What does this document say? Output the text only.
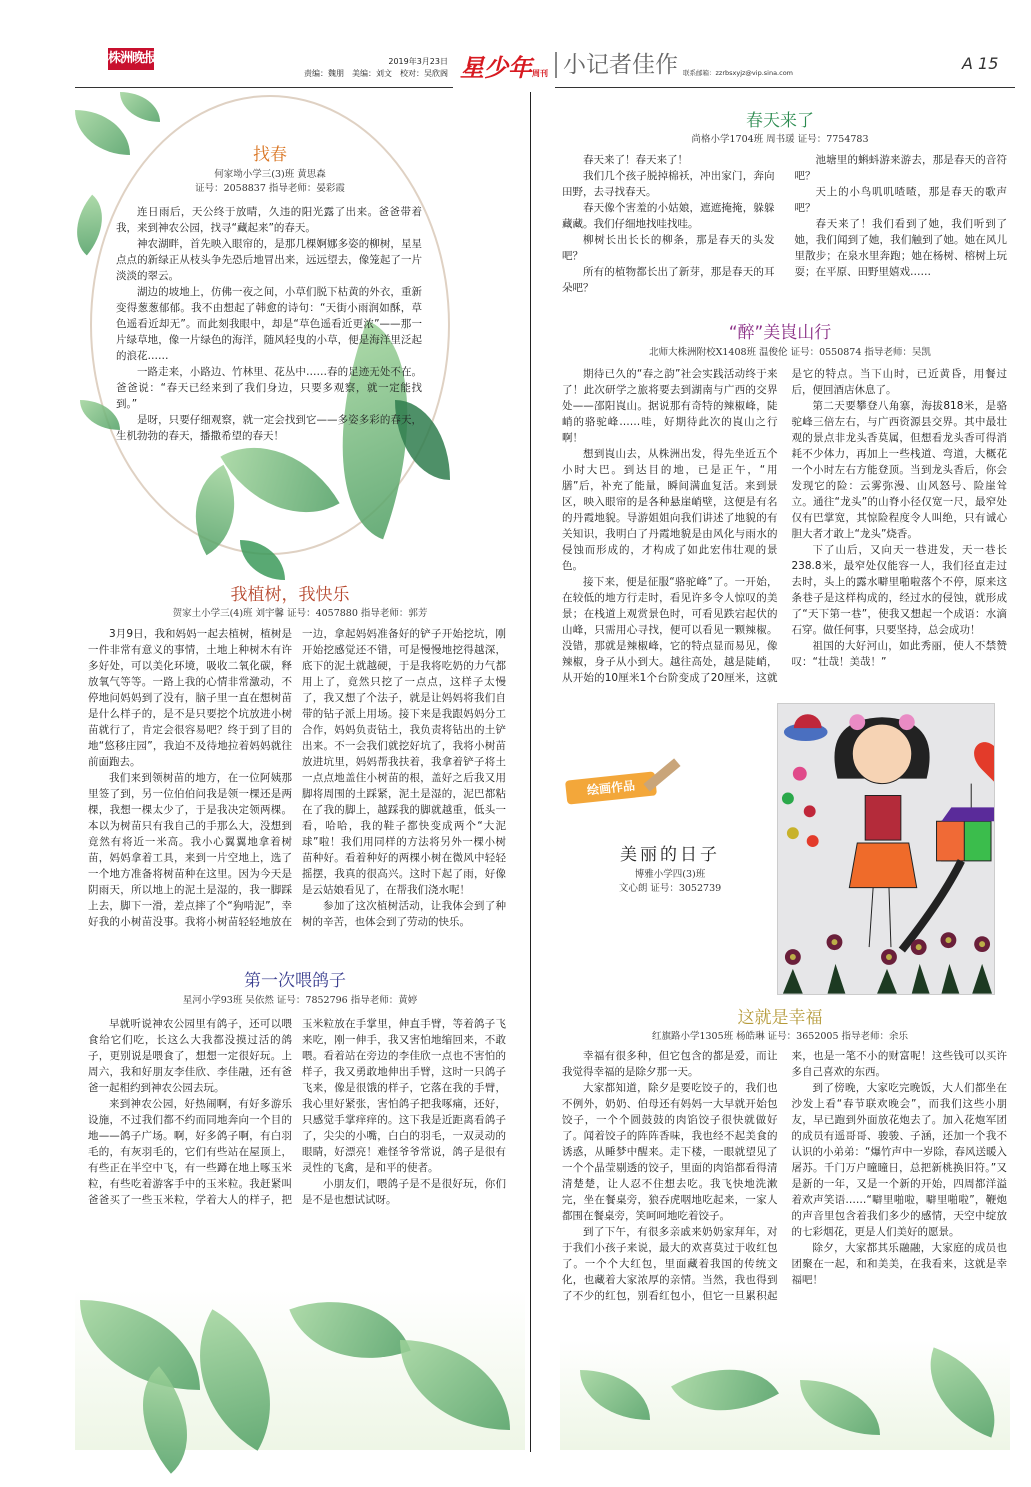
株洲晚报	2019年3月23日
责编：魏朋　美编：刘文　校对：吴欣阁 星少年周刊 小记者佳作 联系邮箱：zzrbsxyjz@vip.sina.com	A 15
找春
何家坳小学三(3)班 黄思森
证号：2058837 指导老师：晏彩霞

连日雨后，天公终于放晴，久违的阳光露了出来。爸爸带着我，来到神农公园，找寻“藏起来”的春天。

神农湖畔，首先映入眼帘的，是那几棵婀娜多姿的柳树，星星点点的新绿正从枝头争先恐后地冒出来，远远望去，像笼起了一片淡淡的翠云。

湖边的坡地上，仿佛一夜之间，小草们脱下枯黄的外衣，重新变得葱葱郁郁。我不由想起了韩愈的诗句：“天街小雨润如酥，草色遥看近却无”。而此刻我眼中，却是“草色遥看近更浓”——那一片绿草地，像一片绿色的海洋，随风轻曳的小草，便是海洋里泛起的浪花……

一路走来，小路边、竹林里、花丛中……春的足迹无处不在。爸爸说：“春天已经来到了我们身边，只要多观察，就一定能找到。”

是呀，只要仔细观察，就一定会找到它——多姿多彩的春天，生机勃勃的春天，播撒希望的春天！

我植树，我快乐
贺家土小学三(4)班 刘宇馨 证号：4057880 指导老师：郭芳

3月9日，我和妈妈一起去植树，植树是一件非常有意义的事情，土地上种树木有许多好处，可以美化环境，吸收二氧化碳，释放氧气等等。一路上我的心情非常激动，不停地问妈妈到了没有，脑子里一直在想树苗是什么样子的，是不是只要挖个坑放进小树苗就行了，肯定会很容易吧？终于到了目的地“悠移庄园”，我迫不及待地拉着妈妈就往前面跑去。

我们来到领树苗的地方，在一位阿姨那里签了到，另一位伯伯问我是领一棵还是两棵，我想一棵太少了，于是我决定领两棵。本以为树苗只有我自己的手那么大，没想到竟然有将近一米高。我小心翼翼地拿着树苗，妈妈拿着工具，来到一片空地上，选了一个地方准备将树苗种在这里。因为今天是阴雨天，所以地上的泥土是湿的，我一脚踩上去，脚下一滑，差点摔了个“狗啃泥”，幸好我的小树苗没事。我将小树苗轻轻地放在一边，拿起妈妈准备好的铲子开始挖坑，刚开始挖感觉还不错，可是慢慢地挖得越深，底下的泥土就越硬，于是我将吃奶的力气都用上了，竟然只挖了一点点，这样子太慢了，我又想了个法子，就是让妈妈将我们自带的钻子派上用场。接下来是我跟妈妈分工合作，妈妈负责钻土，我负责将钻出的土铲出来。不一会我们就挖好坑了，我将小树苗放进坑里，妈妈帮我扶着，我拿着铲子将土一点点地盖住小树苗的根，盖好之后我又用脚将周围的土踩紧，泥土是湿的，泥巴都粘在了我的脚上，越踩我的脚就越重，低头一看，哈哈，我的鞋子都快变成两个“大泥球”啦！我们用同样的方法将另外一棵小树苗种好。看着种好的两棵小树在微风中轻轻摇摆，我真的很高兴。这时下起了雨，好像是云姑娘看见了，在帮我们浇水呢！

参加了这次植树活动，让我体会到了种树的辛苦，也体会到了劳动的快乐。

第一次喂鸽子
星河小学93班 吴依然 证号：7852796 指导老师：黄婷

早就听说神农公园里有鸽子，还可以喂食给它们吃，长这么大我都没摸过活的鸽子，更别说是喂食了，想想一定很好玩。上周六，我和好朋友李佳欣、李佳融，还有爸爸一起相约到神农公园去玩。

来到神农公园，好热闹啊，有好多游乐设施，不过我们都不约而同地奔向一个目的地——鸽子广场。啊，好多鸽子啊，有白羽毛的，有灰羽毛的，它们有些站在屋顶上，有些正在半空中飞，有一些蹲在地上啄玉米粒，有些吃着游客手中的玉米粒。我赶紧叫爸爸买了一些玉米粒，学着大人的样子，把玉米粒放在手掌里，伸直手臂，等着鸽子飞来吃，刚一伸手，我又害怕地缩回来，不敢喂。看着站在旁边的李佳欣一点也不害怕的样子，我又勇敢地伸出手臂，这时一只鸽子飞来，像是很饿的样子，它落在我的手臂，我心里好紧张，害怕鸽子把我啄痛，还好，只感觉手掌痒痒的。这下我是近距离看鸽子了，尖尖的小嘴，白白的羽毛，一双灵动的眼睛，好漂亮！难怪爷爷常说，鸽子是很有灵性的飞禽，是和平的使者。

小朋友们，喂鸽子是不是很好玩，你们是不是也想试试呀。

春天来了
尚格小学1704班 周书瑗 证号：7754783

春天来了！春天来了！

我们几个孩子脱掉棉袄，冲出家门，奔向田野，去寻找春天。

春天像个害羞的小姑娘，遮遮掩掩，躲躲藏藏。我们仔细地找哇找哇。

柳树长出长长的柳条，那是春天的头发吧？

所有的植物都长出了新芽，那是春天的耳朵吧？

池塘里的蝌蚪游来游去，那是春天的音符吧？

天上的小鸟叽叽喳喳，那是春天的歌声吧？

春天来了！我们看到了她，我们听到了她，我们闻到了她，我们触到了她。她在风儿里散步；在泉水里奔跑；她在杨树、榕树上玩耍；在平原、田野里嬉戏……

“醉”美崀山行
北师大株洲附校X1408班 温俊伦 证号：0550874 指导老师：吴凯

期待已久的“春之韵”社会实践活动终于来了！此次研学之旅将要去到湖南与广西的交界处——邵阳崀山。据说那有奇特的辣椒峰，陡峭的骆驼峰……哇，好期待此次的崀山之行啊！

想到崀山去，从株洲出发，得先坐近五个小时大巴。到达目的地，已是正午，“用膳”后，补充了能量，瞬间满血复活。来到景区，映入眼帘的是各种悬崖峭壁，这便是有名的丹霞地貌。导游姐姐向我们讲述了地貌的有关知识，我明白了丹霞地貌是由风化与雨水的侵蚀而形成的，才构成了如此宏伟壮观的景色。

接下来，便是征服“骆驼峰”了。一开始，在较低的地方行走时，看见许多令人惊叹的美景；在栈道上观赏景色时，可看见跌宕起伏的山峰，只需用心寻找，便可以看见一颗辣椒。没错，那就是辣椒峰，它的特点显而易见，像辣椒，身子从小到大。越往高处，越是陡峭，从开始的10厘米1个台阶变成了20厘米，这就是它的特点。当下山时，已近黄昏，用餐过后，便回酒店休息了。

第二天要攀登八角寨，海拔818米，是骆驼峰三倍左右，与广西资源县交界。其中最壮观的景点非龙头香莫属，但想看龙头香可得消耗不少体力，再加上一些栈道、弯道，大概花一个小时左右方能登顶。当到龙头香后，你会发现它的险：云雾弥漫、山风怒号、险崖耸立。通往“龙头”的山脊小径仅宽一尺，最窄处仅有巴掌宽，其惊险程度令人叫绝，只有诚心胆大者才敢上“龙头”烧香。

下了山后，又向天一巷进发，天一巷长238.8米，最窄处仅能容一人，我们径直走过去时，头上的露水噼里啪啦落个不停，原来这条巷子是这样构成的，经过水的侵蚀，就形成了“天下第一巷”，使我又想起一个成语：水滴石穿。做任何事，只要坚持，总会成功！

祖国的大好河山，如此秀丽，使人不禁赞叹：“壮哉！美哉！”

绘画作品
美丽的日子
博雅小学四(3)班
文心朗 证号：3052739
这就是幸福
红旗路小学1305班 杨皓琳 证号：3652005 指导老师：余乐

幸福有很多种，但它包含的都是爱，而让我觉得幸福的是除夕那一天。

大家都知道，除夕是要吃饺子的，我们也不例外，奶奶、伯母还有妈妈一大早就开始包饺子，一个个圆鼓鼓的肉馅饺子很快就做好了。闻着饺子的阵阵香味，我也经不起美食的诱惑，从睡梦中醒来。走下楼，一眼就望见了一个个晶莹剔透的饺子，里面的肉馅都看得清清楚楚，让人忍不住想去吃。我飞快地洗漱完，坐在餐桌旁，狼吞虎咽地吃起来，一家人都围在餐桌旁，笑呵呵地吃着饺子。

到了下午，有很多亲戚来奶奶家拜年，对于我们小孩子来说，最大的欢喜莫过于收红包了。一个个大红包，里面藏着我国的传统文化，也藏着大家浓厚的亲情。当然，我也得到了不少的红包，别看红包小，但它一旦累积起来，也是一笔不小的财富呢！这些钱可以买许多自己喜欢的东西。

到了傍晚，大家吃完晚饭，大人们都坐在沙发上看“春节联欢晚会”，而我们这些小朋友，早已跑到外面放花炮去了。加入花炮军团的成员有遥哥哥、骏骏、子涵，还加一个我不认识的小弟弟：“爆竹声中一岁除，春风送暖入屠苏。千门万户曈曈日，总把新桃换旧符。”又是新的一年，又是一个新的开始，四周都洋溢着欢声笑语……“噼里啪啦，噼里啪啦”，鞭炮的声音里包含着我们多少的感情，天空中绽放的七彩烟花，更是人们美好的愿景。

除夕，大家都其乐融融，大家庭的成员也团聚在一起，和和美美，在我看来，这就是幸福吧！
